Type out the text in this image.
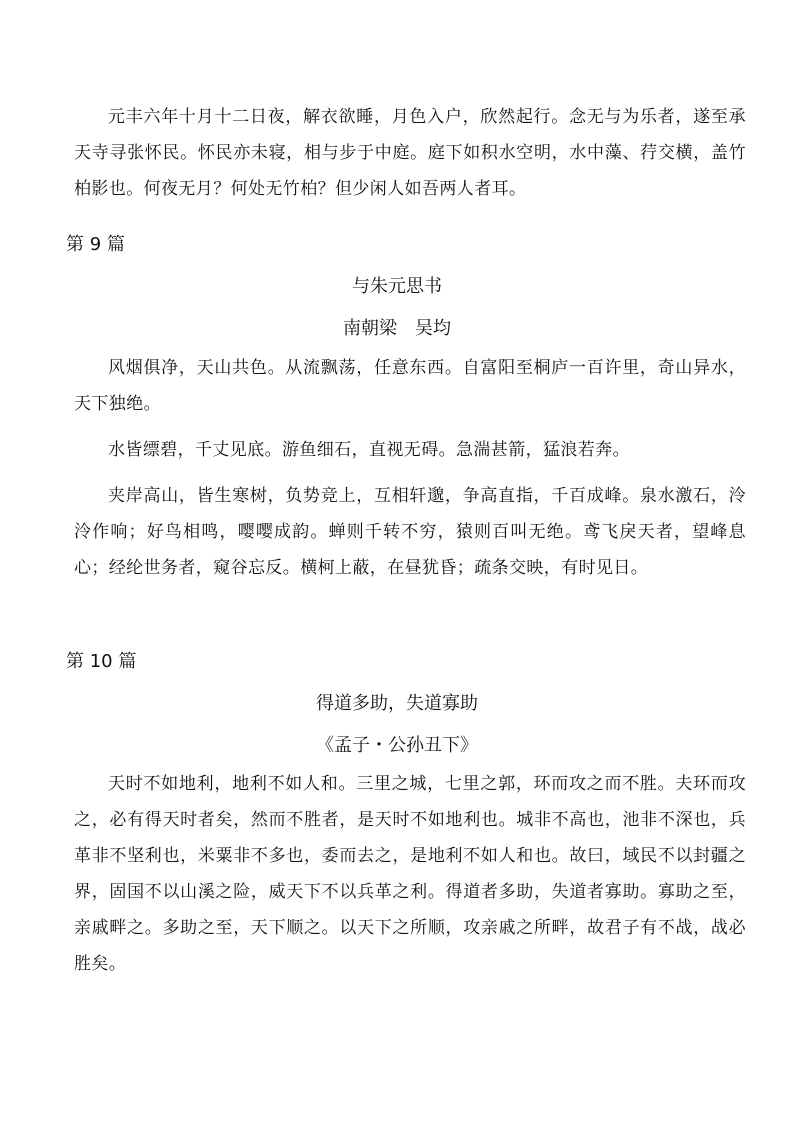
元丰六年十月十二日夜，解衣欲睡，月色入户，欣然起行。念无与为乐者，遂至承天寺寻张怀民。怀民亦未寝，相与步于中庭。庭下如积水空明，水中藻、荇交横，盖竹柏影也。何夜无月？何处无竹柏？但少闲人如吾两人者耳。

第 9 篇
与朱元思书
南朝梁　吴均

风烟俱净，天山共色。从流飘荡，任意东西。自富阳至桐庐一百许里，奇山异水，天下独绝。

水皆缥碧，千丈见底。游鱼细石，直视无碍。急湍甚箭，猛浪若奔。

夹岸高山，皆生寒树，负势竞上，互相轩邈，争高直指，千百成峰。泉水激石，泠泠作响；好鸟相鸣，嘤嘤成韵。蝉则千转不穷，猿则百叫无绝。鸢飞戾天者，望峰息心；经纶世务者，窥谷忘反。横柯上蔽，在昼犹昏；疏条交映，有时见日。

第 10 篇
得道多助，失道寡助
《孟子・公孙丑下》

天时不如地利，地利不如人和。三里之城，七里之郭，环而攻之而不胜。夫环而攻之，必有得天时者矣，然而不胜者，是天时不如地利也。城非不高也，池非不深也，兵革非不坚利也，米粟非不多也，委而去之，是地利不如人和也。故曰，域民不以封疆之界，固国不以山溪之险，威天下不以兵革之利。得道者多助，失道者寡助。寡助之至，亲戚畔之。多助之至，天下顺之。以天下之所顺，攻亲戚之所畔，故君子有不战，战必胜矣。
